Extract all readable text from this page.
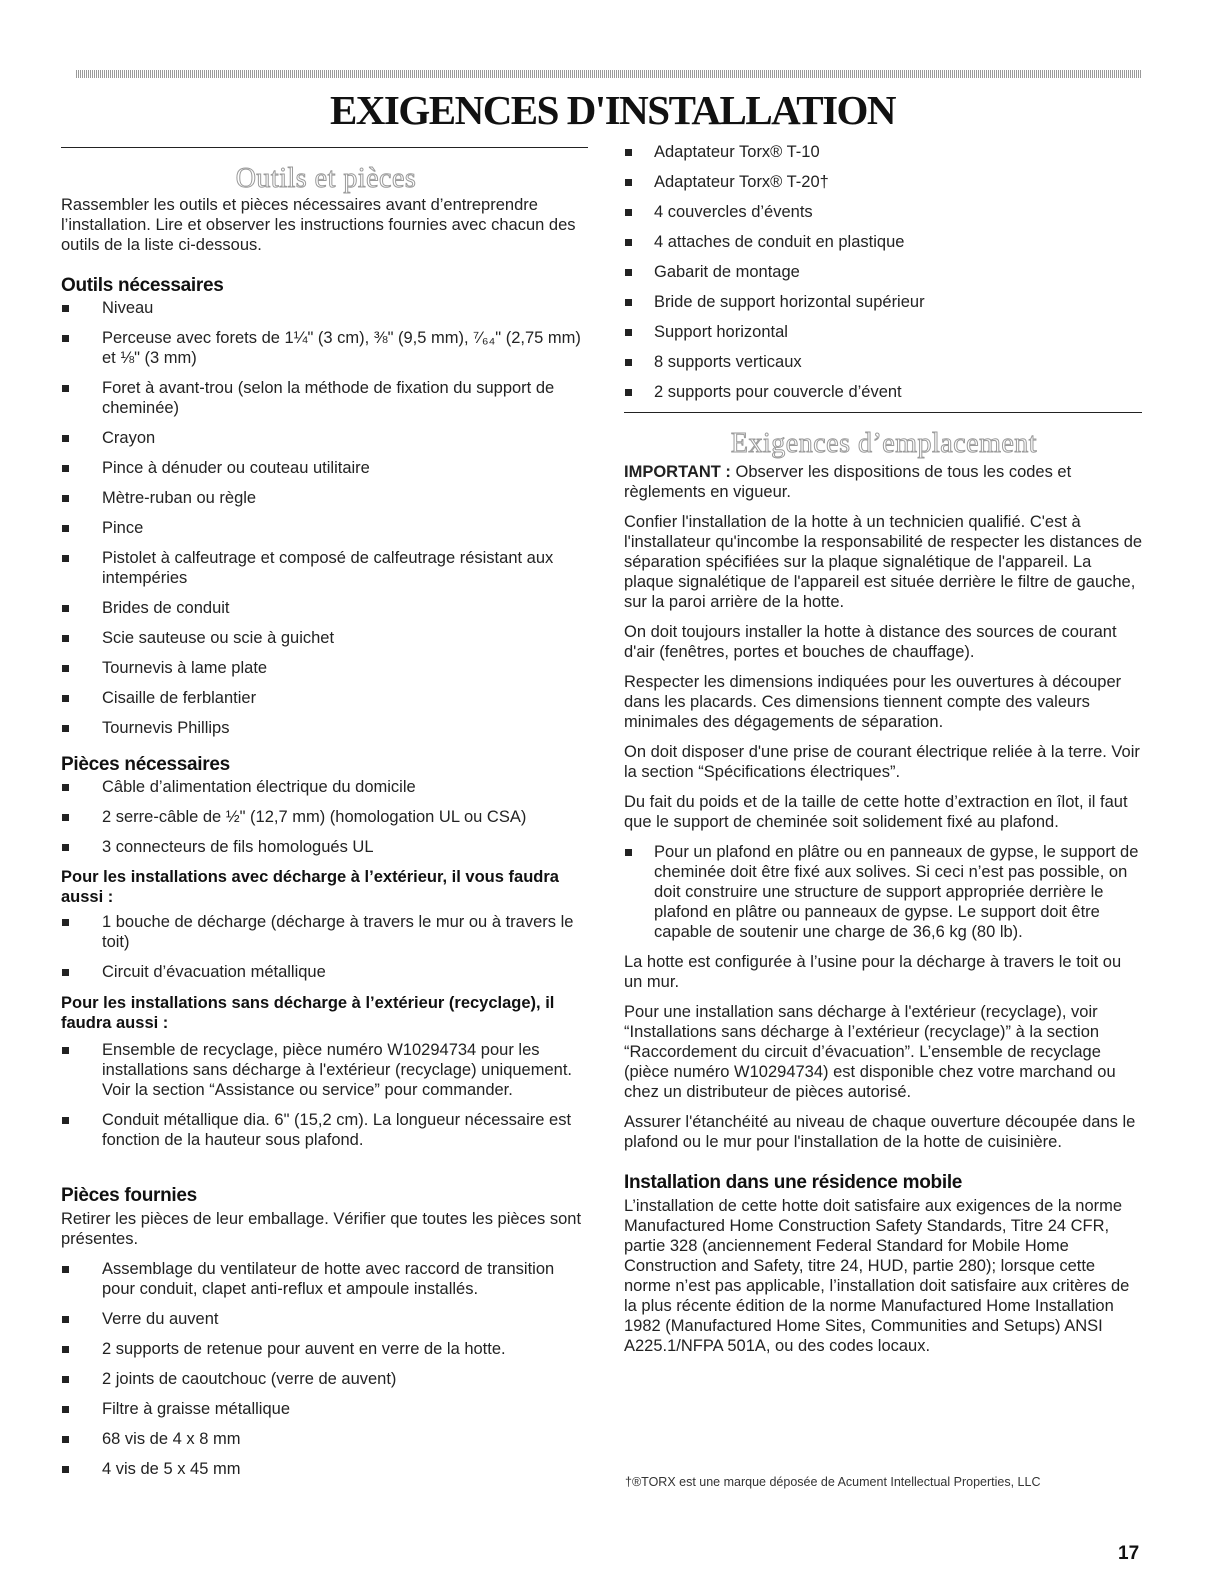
EXIGENCES D'INSTALLATION
Outils et pièces

Rassembler les outils et pièces nécessaires avant d’entreprendre l’installation. Lire et observer les instructions fournies avec chacun des outils de la liste ci-dessous.

Outils nécessaires
Niveau
Perceuse avec forets de 1¼" (3 cm), ⅜" (9,5 mm), ⁷⁄₆₄" (2,75 mm) et ⅛" (3 mm)
Foret à avant-trou (selon la méthode de fixation du support de cheminée)
Crayon
Pince à dénuder ou couteau utilitaire
Mètre-ruban ou règle
Pince
Pistolet à calfeutrage et composé de calfeutrage résistant aux intempéries
Brides de conduit
Scie sauteuse ou scie à guichet
Tournevis à lame plate
Cisaille de ferblantier
Tournevis Phillips
Pièces nécessaires
Câble d’alimentation électrique du domicile
2 serre-câble de ½" (12,7 mm) (homologation UL ou CSA)
3 connecteurs de fils homologués UL
Pour les installations avec décharge à l’extérieur, il vous faudra aussi :
1 bouche de décharge (décharge à travers le mur ou à travers le toit)
Circuit d’évacuation métallique
Pour les installations sans décharge à l’extérieur (recyclage), il faudra aussi :
Ensemble de recyclage, pièce numéro W10294734 pour les installations sans décharge à l'extérieur (recyclage) uniquement. Voir la section “Assistance ou service” pour commander.
Conduit métallique dia. 6" (15,2 cm). La longueur nécessaire est fonction de la hauteur sous plafond.
Pièces fournies

Retirer les pièces de leur emballage. Vérifier que toutes les pièces sont présentes.

Assemblage du ventilateur de hotte avec raccord de transition pour conduit, clapet anti-reflux et ampoule installés.
Verre du auvent
2 supports de retenue pour auvent en verre de la hotte.
2 joints de caoutchouc (verre de auvent)
Filtre à graisse métallique
68 vis de 4 x 8 mm
4 vis de 5 x 45 mm
Adaptateur Torx® T-10
Adaptateur Torx® T-20†
4 couvercles d’évents
4 attaches de conduit en plastique
Gabarit de montage
Bride de support horizontal supérieur
Support horizontal
8 supports verticaux
2 supports pour couvercle d’évent
Exigences d’emplacement

IMPORTANT : Observer les dispositions de tous les codes et règlements en vigueur.

Confier l'installation de la hotte à un technicien qualifié. C'est à l'installateur qu'incombe la responsabilité de respecter les distances de séparation spécifiées sur la plaque signalétique de l'appareil. La plaque signalétique de l'appareil est située derrière le filtre de gauche, sur la paroi arrière de la hotte.

On doit toujours installer la hotte à distance des sources de courant d'air (fenêtres, portes et bouches de chauffage).

Respecter les dimensions indiquées pour les ouvertures à découper dans les placards. Ces dimensions tiennent compte des valeurs minimales des dégagements de séparation.

On doit disposer d'une prise de courant électrique reliée à la terre. Voir la section “Spécifications électriques”.

Du fait du poids et de la taille de cette hotte d’extraction en îlot, il faut que le support de cheminée soit solidement fixé au plafond.

Pour un plafond en plâtre ou en panneaux de gypse, le support de cheminée doit être fixé aux solives. Si ceci n’est pas possible, on doit construire une structure de support appropriée derrière le plafond en plâtre ou panneaux de gypse. Le support doit être capable de soutenir une charge de 36,6 kg (80 lb).

La hotte est configurée à l’usine pour la décharge à travers le toit ou un mur.

Pour une installation sans décharge à l'extérieur (recyclage), voir “Installations sans décharge à l’extérieur (recyclage)” à la section “Raccordement du circuit d’évacuation”. L’ensemble de recyclage (pièce numéro W10294734) est disponible chez votre marchand ou chez un distributeur de pièces autorisé.

Assurer l'étanchéité au niveau de chaque ouverture découpée dans le plafond ou le mur pour l'installation de la hotte de cuisinière.

Installation dans une résidence mobile

L’installation de cette hotte doit satisfaire aux exigences de la norme Manufactured Home Construction Safety Standards, Titre 24 CFR, partie 328 (anciennement Federal Standard for Mobile Home Construction and Safety, titre 24, HUD, partie 280); lorsque cette norme n’est pas applicable, l’installation doit satisfaire aux critères de la plus récente édition de la norme Manufactured Home Installation 1982 (Manufactured Home Sites, Communities and Setups) ANSI A225.1/NFPA 501A, ou des codes locaux.

†®TORX est une marque déposée de Acument Intellectual Properties, LLC
17
